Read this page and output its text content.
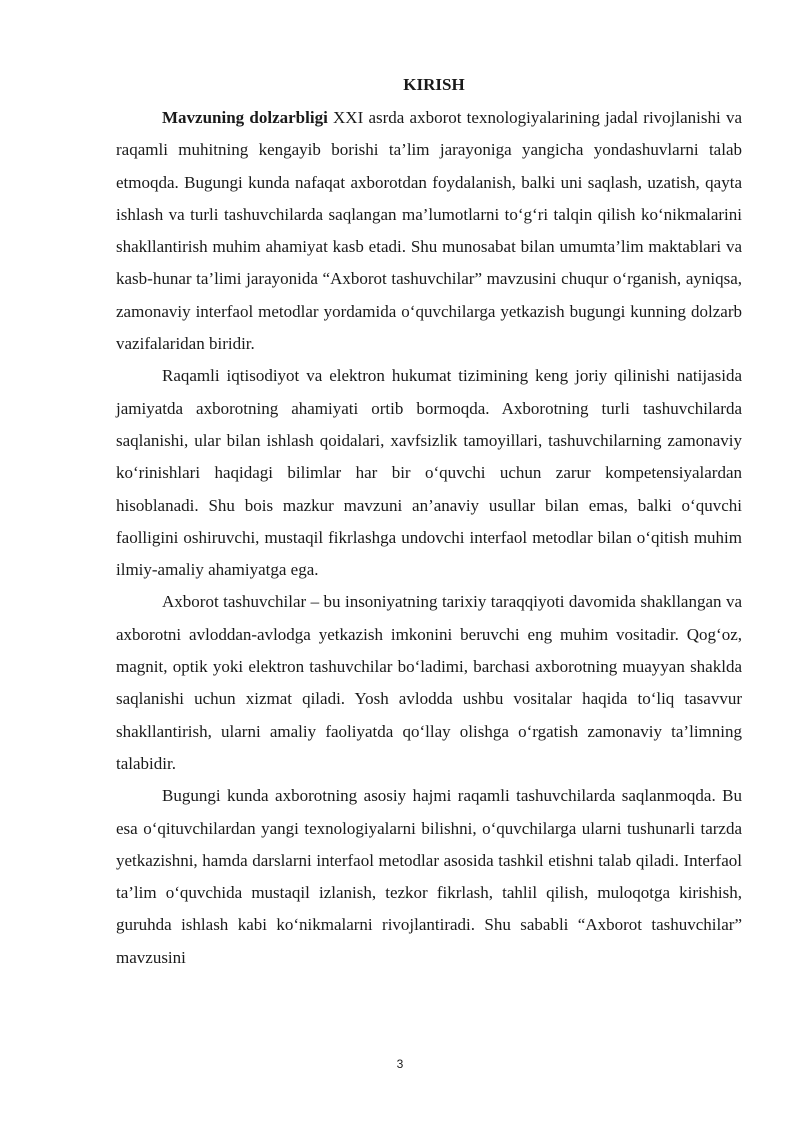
KIRISH

Mavzuning dolzarbligi XXI asrda axborot texnologiyalarining jadal rivojlanishi va raqamli muhitning kengayib borishi ta’lim jarayoniga yangicha yondashuvlarni talab etmoqda. Bugungi kunda nafaqat axborotdan foydalanish, balki uni saqlash, uzatish, qayta ishlash va turli tashuvchilarda saqlangan ma’lumotlarni to‘g‘ri talqin qilish ko‘nikmalarini shakllantirish muhim ahamiyat kasb etadi. Shu munosabat bilan umumta’lim maktablari va kasb-hunar ta’limi jarayonida “Axborot tashuvchilar” mavzusini chuqur o‘rganish, ayniqsa, zamonaviy interfaol metodlar yordamida o‘quvchilarga yetkazish bugungi kunning dolzarb vazifalaridan biridir.

Raqamli iqtisodiyot va elektron hukumat tizimining keng joriy qilinishi natijasida jamiyatda axborotning ahamiyati ortib bormoqda. Axborotning turli tashuvchilarda saqlanishi, ular bilan ishlash qoidalari, xavfsizlik tamoyillari, tashuvchilarning zamonaviy ko‘rinishlari haqidagi bilimlar har bir o‘quvchi uchun zarur kompetensiyalardan hisoblanadi. Shu bois mazkur mavzuni an’anaviy usullar bilan emas, balki o‘quvchi faolligini oshiruvchi, mustaqil fikrlashga undovchi interfaol metodlar bilan o‘qitish muhim ilmiy-amaliy ahamiyatga ega.

Axborot tashuvchilar – bu insoniyatning tarixiy taraqqiyoti davomida shakllangan va axborotni avloddan-avlodga yetkazish imkonini beruvchi eng muhim vositadir. Qog‘oz, magnit, optik yoki elektron tashuvchilar bo‘ladimi, barchasi axborotning muayyan shaklda saqlanishi uchun xizmat qiladi. Yosh avlodda ushbu vositalar haqida to‘liq tasavvur shakllantirish, ularni amaliy faoliyatda qo‘llay olishga o‘rgatish zamonaviy ta’limning talabidir.

Bugungi kunda axborotning asosiy hajmi raqamli tashuvchilarda saqlanmoqda. Bu esa o‘qituvchilardan yangi texnologiyalarni bilishni, o‘quvchilarga ularni tushunarli tarzda yetkazishni, hamda darslarni interfaol metodlar asosida tashkil etishni talab qiladi. Interfaol ta’lim o‘quvchida mustaqil izlanish, tezkor fikrlash, tahlil qilish, muloqotga kirishish, guruhda ishlash kabi ko‘nikmalarni rivojlantiradi. Shu sababli “Axborot tashuvchilar” mavzusini

3
